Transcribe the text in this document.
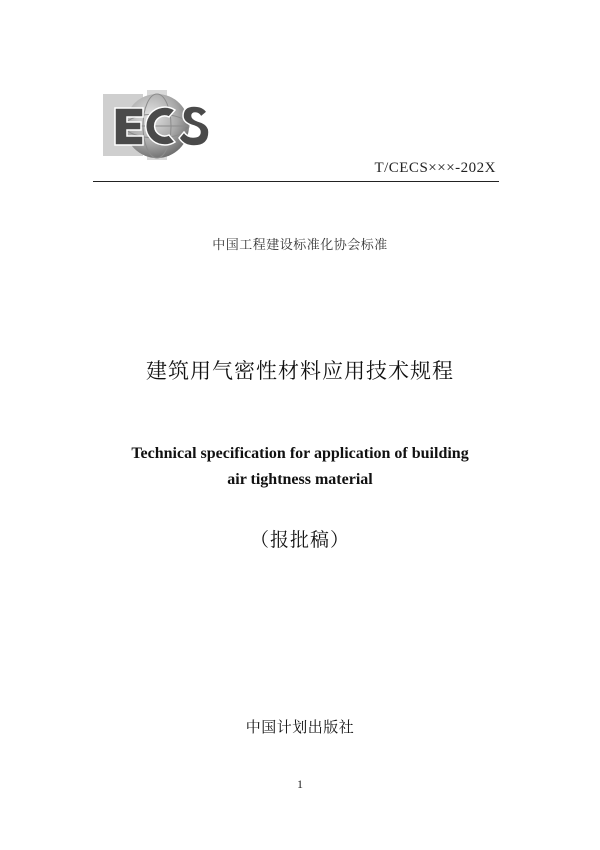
T/CECS×××-202X
中国工程建设标准化协会标准
建筑用气密性材料应用技术规程
Technical specification for application of building
air tightness material
（报批稿）
中国计划出版社
1
